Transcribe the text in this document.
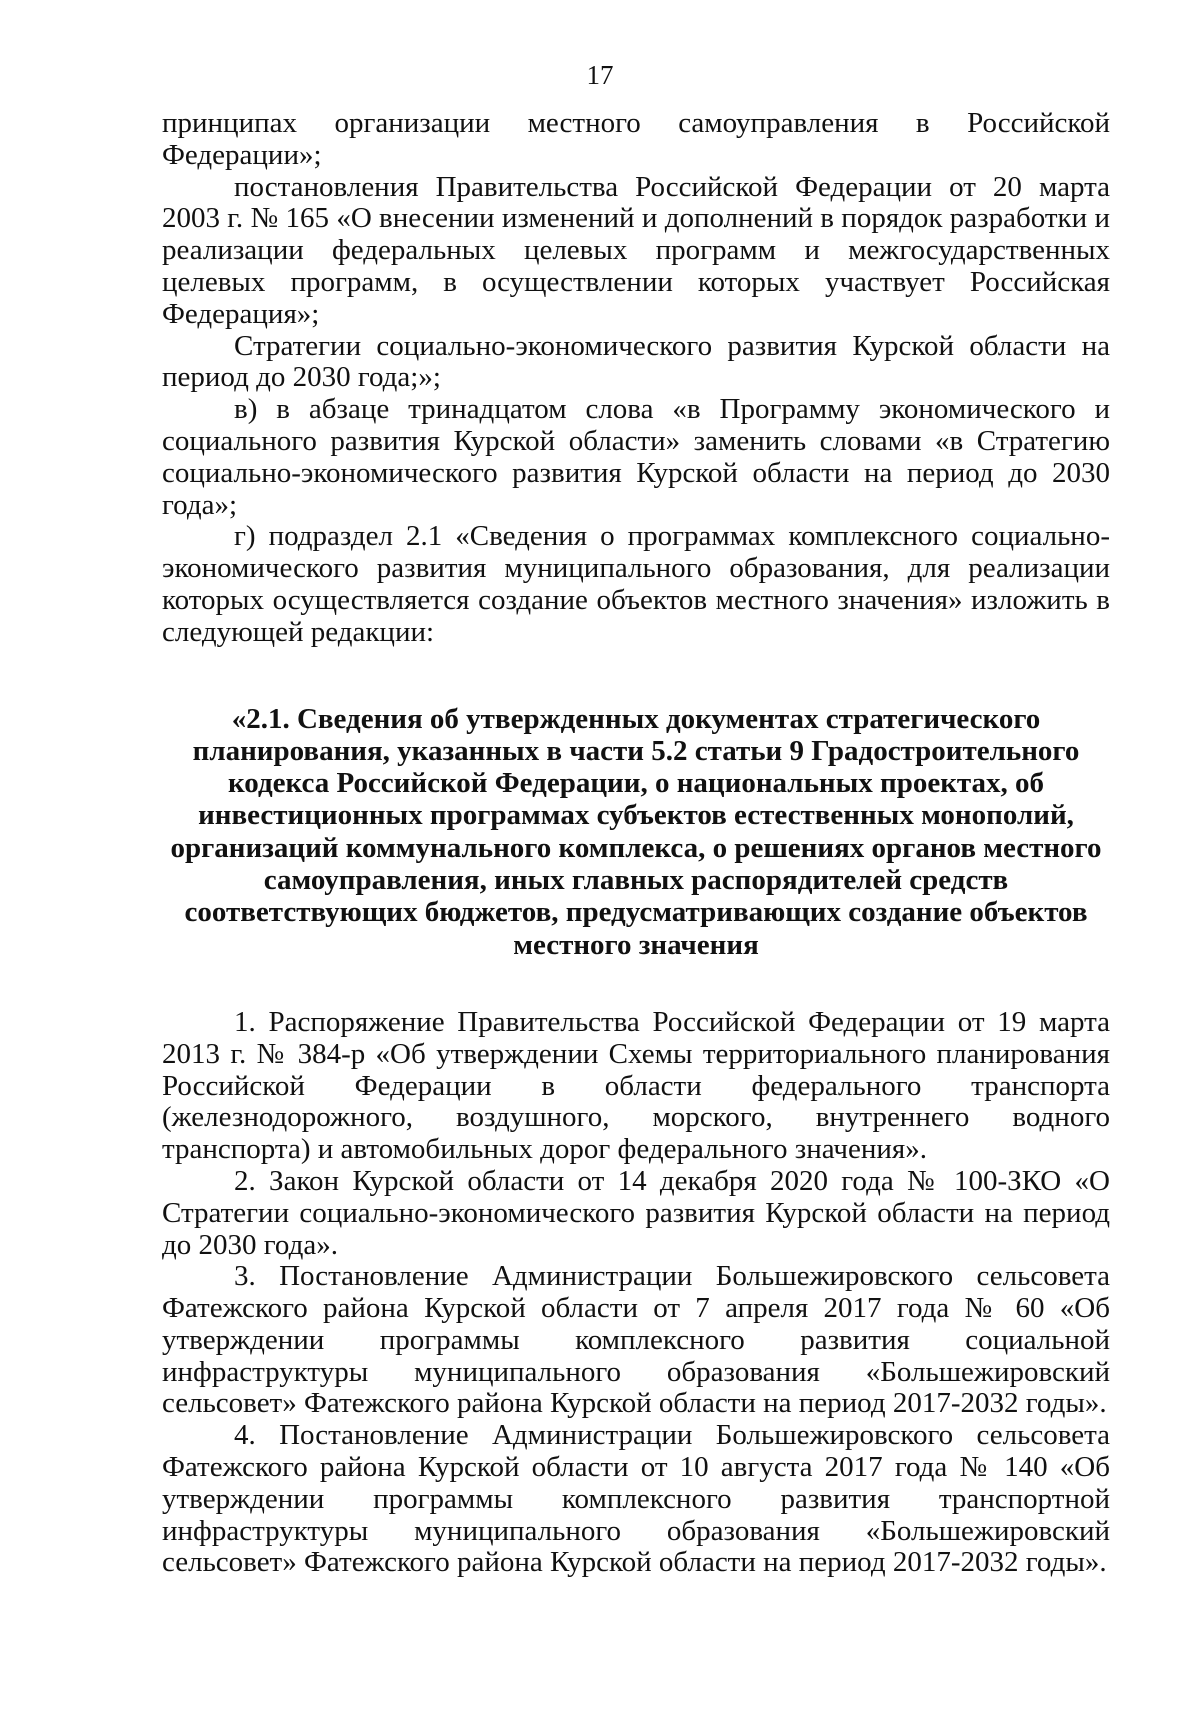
17

принципах организации местного самоуправления в Российской Федерации»;

постановления Правительства Российской Федерации от 20 марта 2003 г. № 165 «О внесении изменений и дополнений в порядок разработки и реализации федеральных целевых программ и межгосударственных целевых программ, в осуществлении которых участвует Российская Федерация»;

Стратегии социально-экономического развития Курской области на период до 2030 года;»;

в) в абзаце тринадцатом слова «в Программу экономического и социального развития Курской области» заменить словами «в Стратегию социально-экономического развития Курской области на период до 2030 года»;

г) подраздел 2.1 «Сведения о программах комплексного социально-экономического развития муниципального образования, для реализации которых осуществляется создание объектов местного значения» изложить в следующей редакции:

«2.1. Сведения об утвержденных документах стратегического планирования, указанных в части 5.2 статьи 9 Градостроительного кодекса Российской Федерации, о национальных проектах, об инвестиционных программах субъектов естественных монополий, организаций коммунального комплекса, о решениях органов местного самоуправления, иных главных распорядителей средств соответствующих бюджетов, предусматривающих создание объектов местного значения

1. Распоряжение Правительства Российской Федерации от 19 марта 2013 г. № 384-р «Об утверждении Схемы территориального планирования Российской Федерации в области федерального транспорта (железнодорожного, воздушного, морского, внутреннего водного транспорта) и автомобильных дорог федерального значения».

2. Закон Курской области от 14 декабря 2020 года № 100-ЗКО «О Стратегии социально-экономического развития Курской области на период до 2030 года».

3. Постановление Администрации Большежировского сельсовета Фатежского района Курской области от 7 апреля 2017 года № 60 «Об утверждении программы комплексного развития социальной инфраструктуры муниципального образования «Большежировский сельсовет» Фатежского района Курской области на период 2017-2032 годы».

4. Постановление Администрации Большежировского сельсовета Фатежского района Курской области от 10 августа 2017 года № 140 «Об утверждении программы комплексного развития транспортной инфраструктуры муниципального образования «Большежировский сельсовет» Фатежского района Курской области на период 2017-2032 годы».
